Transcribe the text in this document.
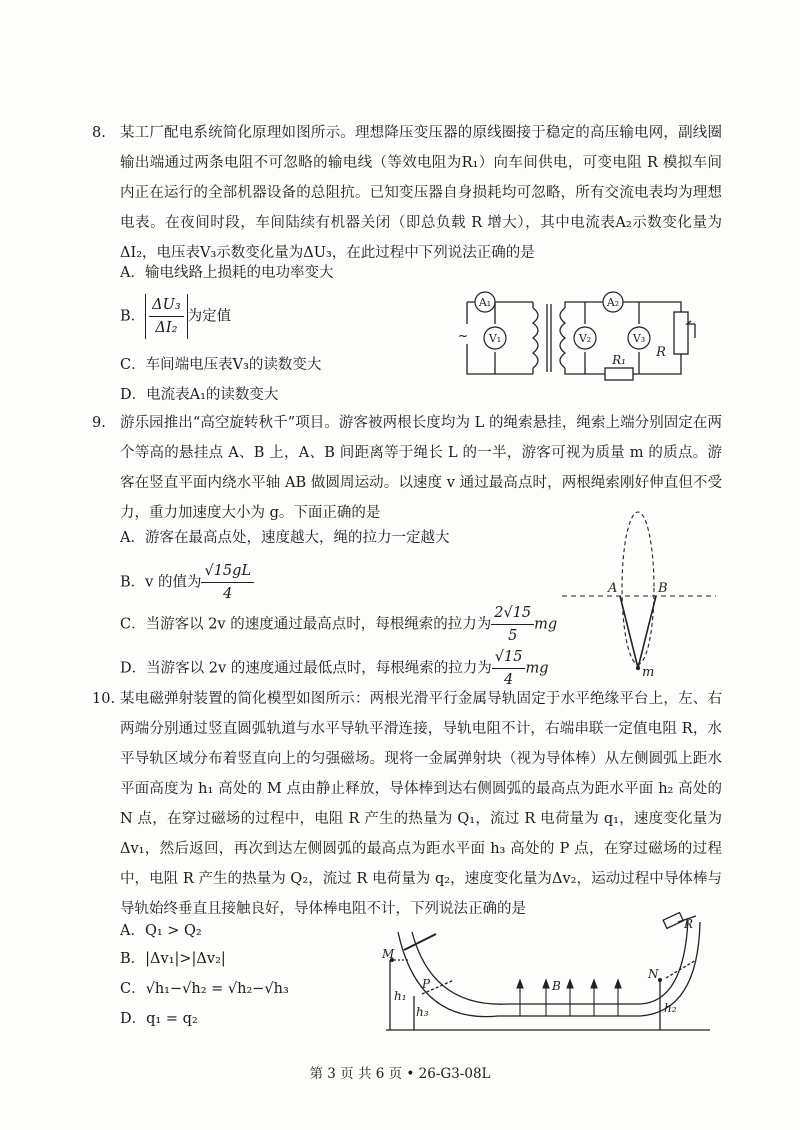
8. 某工厂配电系统简化原理如图所示。理想降压变压器的原线圈接于稳定的高压输电网，副线圈输出端通过两条电阻不可忽略的输电线（等效电阻为R₁）向车间供电，可变电阻 R 模拟车间内正在运行的全部机器设备的总阻抗。已知变压器自身损耗均可忽略，所有交流电表均为理想电表。在夜间时段，车间陆续有机器关闭（即总负载 R 增大），其中电流表A₂示数变化量为ΔI₂，电压表V₃示数变化量为ΔU₃，在此过程中下列说法正确的是
A．输电线路上损耗的电功率变大
B． $\frac{\text{ΔU₃}}{\text{ΔI₂}}$ 为定值
C．车间端电压表V₃的读数变大
D．电流表A₁的读数变大
A₁
V₁
A₂
V₂	V₃
R₁ R
~
9. 游乐园推出“高空旋转秋千”项目。游客被两根长度均为 L 的绳索悬挂，绳索上端分别固定在两个等高的悬挂点 A、B 上，A、B 间距离等于绳长 L 的一半，游客可视为质量 m 的质点。游客在竖直平面内绕水平轴 AB 做圆周运动。以速度 v 通过最高点时，两根绳索刚好伸直但不受力，重力加速度大小为 g。下面正确的是
A．游客在最高点处，速度越大，绳的拉力一定越大
B．v 的值为 $\frac{√15gL}{4}$
C．当游客以 2v 的速度通过最高点时，每根绳索的拉力为 $\frac{2√15}{5}$ mg
D．当游客以 2v 的速度通过最低点时，每根绳索的拉力为 $\frac{√15}{4}$ mg
A	B
m
10. 某电磁弹射装置的简化模型如图所示：两根光滑平行金属导轨固定于水平绝缘平台上，左、右两端分别通过竖直圆弧轨道与水平导轨平滑连接，导轨电阻不计，右端串联一定值电阻 R，水平导轨区域分布着竖直向上的匀强磁场。现将一金属弹射块（视为导体棒）从左侧圆弧上距水平面高度为 h₁ 高处的 M 点由静止释放，导体棒到达右侧圆弧的最高点为距水平面 h₂ 高处的 N 点，在穿过磁场的过程中，电阻 R 产生的热量为 Q₁，流过 R 电荷量为 q₁，速度变化量为Δv₁，然后返回，再次到达左侧圆弧的最高点为距水平面 h₃ 高处的 P 点，在穿过磁场的过程中，电阻 R 产生的热量为 Q₂，流过 R 电荷量为 q₂，速度变化量为Δv₂，运动过程中导体棒与导轨始终垂直且接触良好，导体棒电阻不计，下列说法正确的是
A．Q₁ > Q₂
B．|Δv₁|>|Δv₂|
C．√h₁−√h₂ = √h₂−√h₃
D．q₁ = q₂
M
P
N
B
R
h₁
h₃	h₂
第 3 页 共 6 页 • 26-G3-08L
